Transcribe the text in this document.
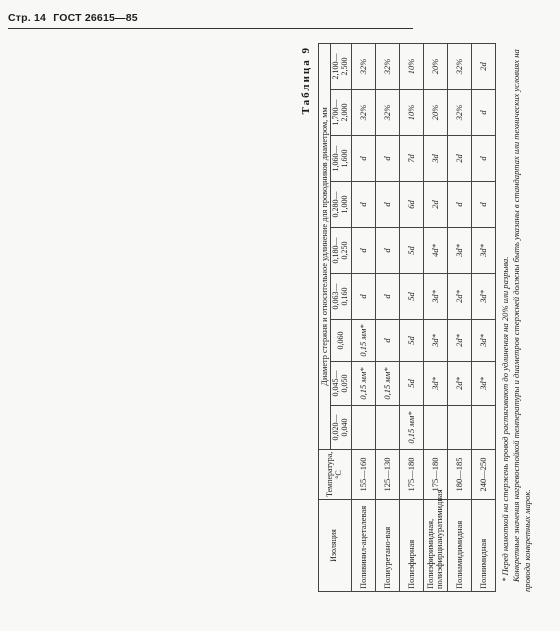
Стр. 14 ГОСТ 26615—85
Таблица 9
Изоляция	Температура, °С	Диаметр стержня и относительное удлинение для проводников диаметром, мм								
		0,020—0,040	0,045—0,050	0,060	0,063—0,160	0,180—0,250	0,280—1,000	1,060—1,600	1,700—2,000	2,100—2,500
Поливинил-ацеталевая	155—160		0,15 мм*	0,15 мм*	d	d	d	d	32%	32%
Полиуретано-вая	125—130		0,15 мм*	d	d	d	d	d	32%	32%
Полиэфирная	175—180	0,15 мм*	5d	5d	5d	5d	6d	7d	10%	10%
Полиэфиримидная, полиэфирциануратимидная	175—180		3d*	3d*	3d*	4d*	2d	3d	20%	20%
Полиамидимидная	180—185		2d*	2d*	2d*	3d*	d	2d	32%	32%
Полиимидная	240—250		3d*	3d*	3d*	3d*	d	d	d	2d

* Перед намоткой на стержень провод растягивают до удлинения на 20% или разрыва. Конкретные значения нагревостойкой температуры и диаметров стержней должны быть указаны в стандартах или технических условиях на провода конкретных марок.
